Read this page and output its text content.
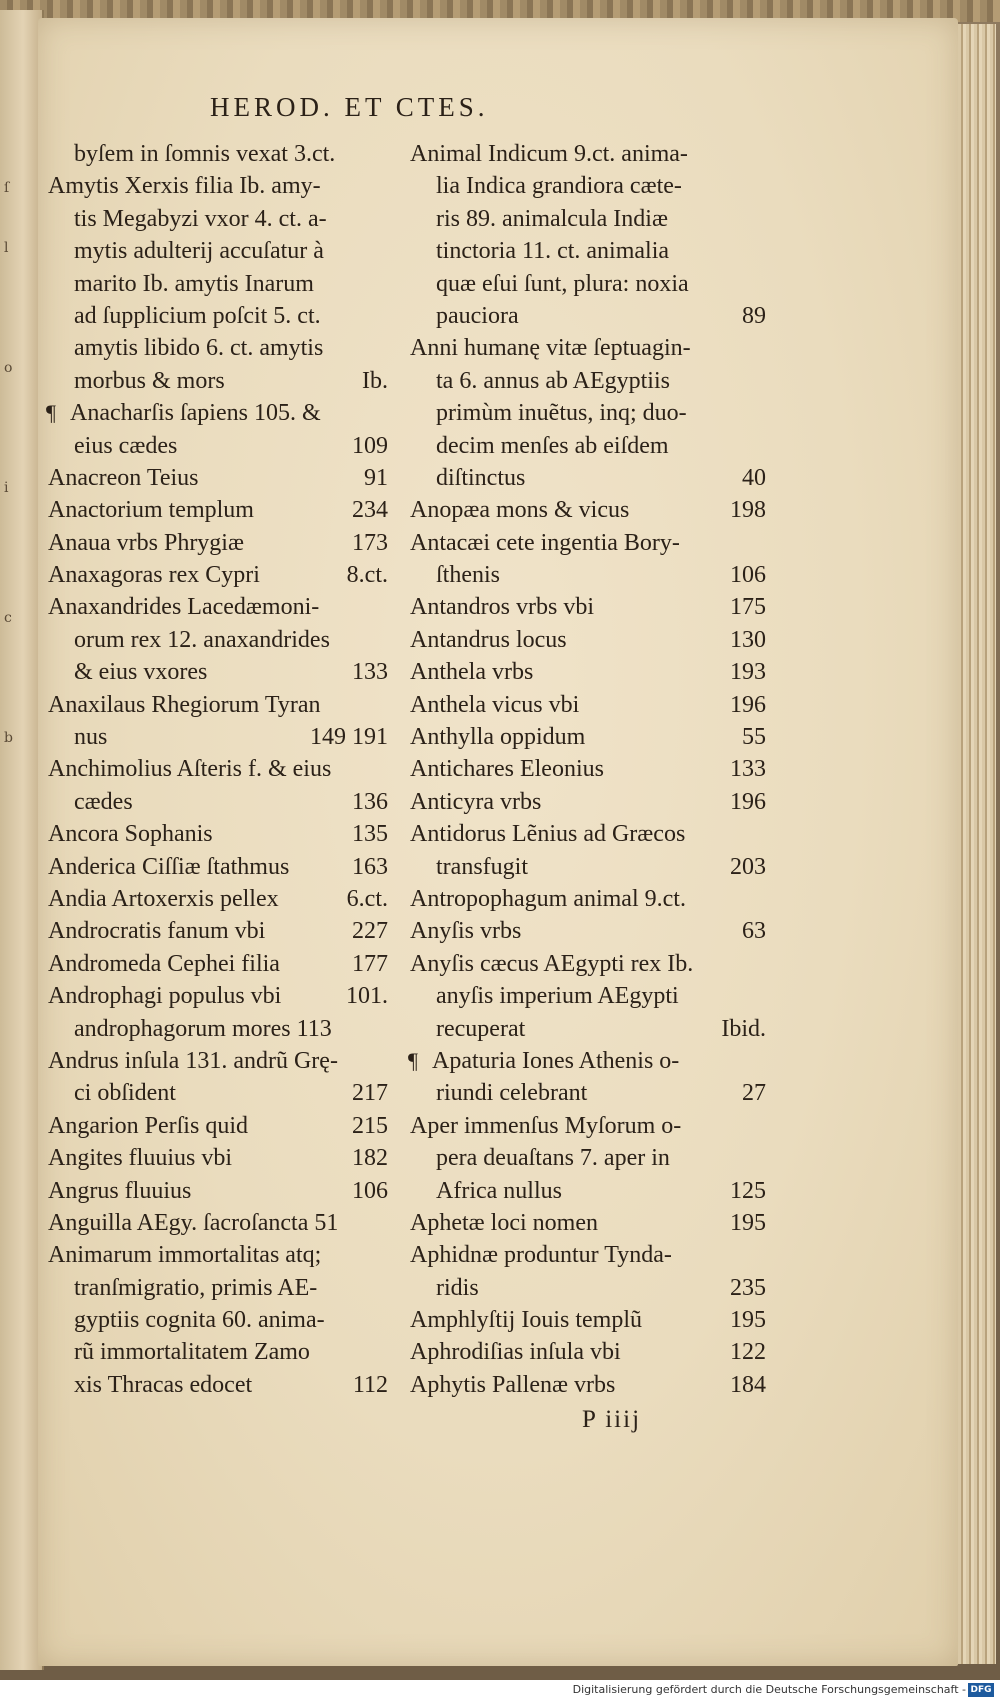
ſ
l
o
i
c
b
HEROD. ET CTES.
byſem in ſomnis vexat 3.ct.
Amytis Xerxis filia Ib. amy-
tis Megabyzi vxor 4. ct. a-
mytis adulterij accuſatur à
marito Ib. amytis Inarum
ad ſupplicium poſcit 5. ct.
amytis libido 6. ct. amytis
morbus & mors	Ib.
¶ Anacharſis ſapiens 105. &
eius cædes	109
Anacreon Teius	91
Anactorium templum	234
Anaua vrbs Phrygiæ	173
Anaxagoras rex Cypri	8.ct.
Anaxandrides Lacedæmoni-
orum rex 12. anaxandrides
& eius vxores	133
Anaxilaus Rhegiorum Tyran
nus	149 191
Anchimolius Aſteris f. & eius
cædes	136
Ancora Sophanis	135
Anderica Ciſſiæ ſtathmus	163
Andia Artoxerxis pellex	6.ct.
Androcratis fanum vbi	227
Andromeda Cephei filia	177
Androphagi populus vbi	101.
androphagorum mores 113
Andrus inſula 131. andrũ Grę-
ci obſident	217
Angarion Perſis quid	215
Angites fluuius vbi	182
Angrus fluuius	106
Anguilla AEgy. ſacroſancta 51
Animarum immortalitas atq;
tranſmigratio, primis AE-
gyptiis cognita 60. anima-
rũ immortalitatem Zamo
xis Thracas edocet	112
Animal Indicum 9.ct. anima-
lia Indica grandiora cæte-
ris 89. animalcula Indiæ
tinctoria 11. ct. animalia
quæ eſui ſunt, plura: noxia
pauciora	89
Anni humanę vitæ ſeptuagin-
ta 6. annus ab AEgyptiis
primùm inuẽtus, inq; duo-
decim menſes ab eiſdem
diſtinctus	40
Anopæa mons & vicus	198
Antacæi cete ingentia Bory-
ſthenis	106
Antandros vrbs vbi	175
Antandrus locus	130
Anthela vrbs	193
Anthela vicus vbi	196
Anthylla oppidum	55
Antichares Eleonius	133
Anticyra vrbs	196
Antidorus Lẽnius ad Græcos
transfugit	203
Antropophagum animal 9.ct.
Anyſis vrbs	63
Anyſis cæcus AEgypti rex Ib.
anyſis imperium AEgypti
recuperat	Ibid.
¶ Apaturia Iones Athenis o-
riundi celebrant	27
Aper immenſus Myſorum o-
pera deuaſtans 7. aper in
Africa nullus	125
Aphetæ loci nomen	195
Aphidnæ produntur Tynda-
ridis	235
Amphlyſtij Iouis templũ	195
Aphrodiſias inſula vbi	122
Aphytis Pallenæ vrbs	184
P iiij
Digitalisierung gefördert durch die Deutsche Forschungsgemeinschaft - DFG
